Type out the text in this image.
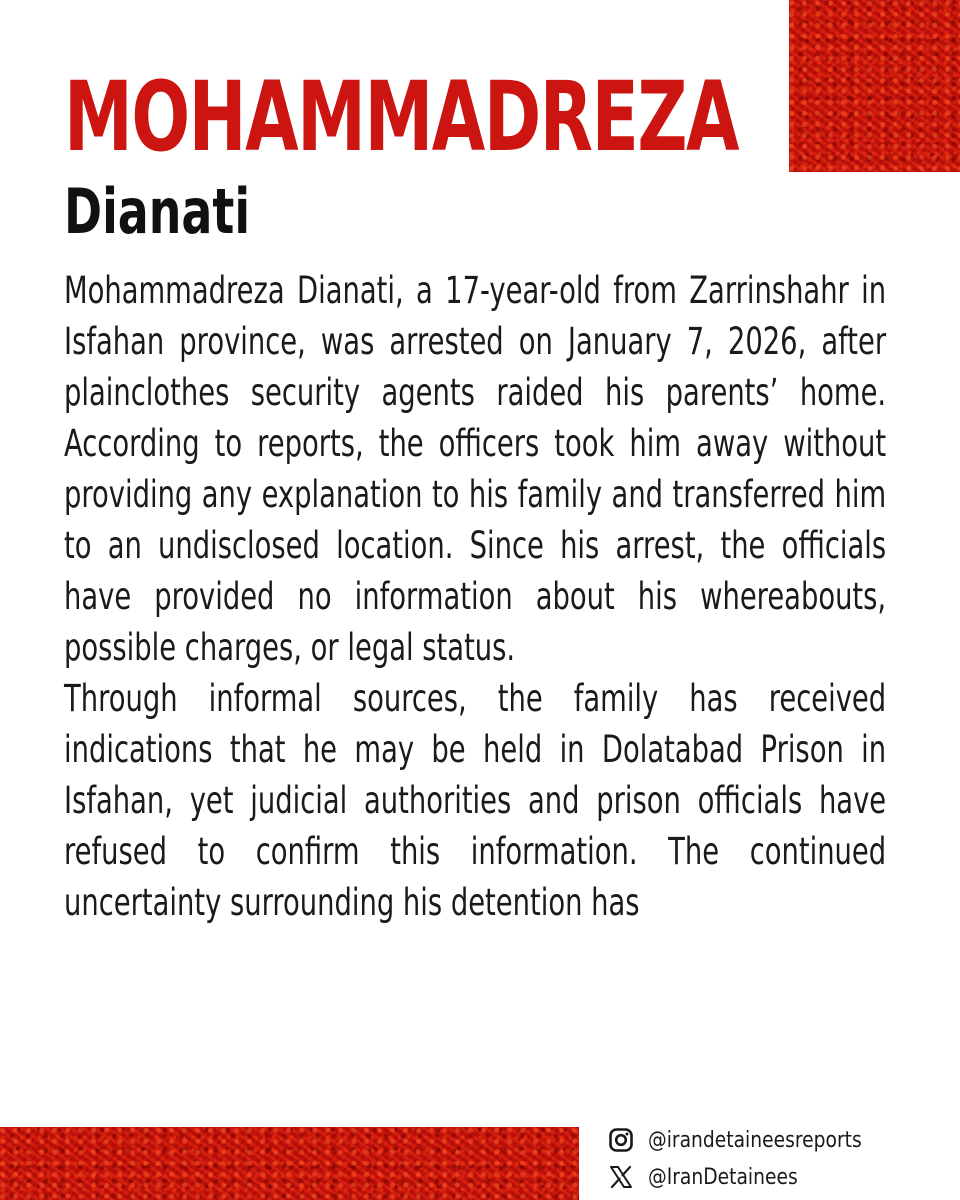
MOHAMMADREZA
Dianati

Mohammadreza Dianati, a 17-year-old from Zarrinshahr in Isfahan province, was arrested on January 7, 2026, after plainclothes security agents raided his parents’ home. According to reports, the officers took him away without providing any explanation to his family and transferred him to an undisclosed location. Since his arrest, the officials have provided no information about his whereabouts, possible charges, or legal status.

Through informal sources, the family has received indications that he may be held in Dolatabad Prison in Isfahan, yet judicial authorities and prison officials have refused to confirm this information. The continued uncertainty surrounding his detention has

@irandetaineesreports
@IranDetainees
